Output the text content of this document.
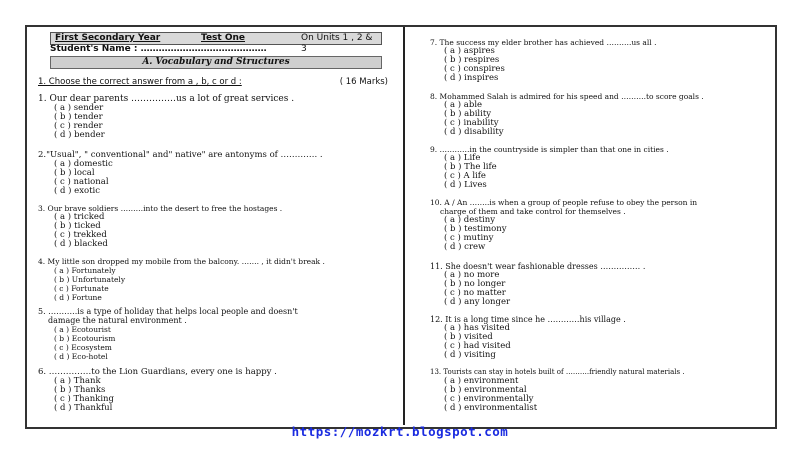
First Secondary Year	Test One	On Units 1 , 2 & 3
Student's Name : ……………………………………
A. Vocabulary and Structures
1. Choose the correct answer from a , b, c or d :	( 16 Marks)
1. Our dear parents ……………us a lot of great services .
( a ) sender
( b ) tender
( c ) render
( d ) bender
2."Usual", " conventional" and" native" are antonyms of …………. .
( a ) domestic
( b ) local
( c ) national
( d ) exotic
3. Our brave soldiers ………into the desert to free the hostages .
( a ) tricked
( b ) ticked
( c ) trekked
( d ) blacked
4. My little son dropped my mobile from the balcony. ……. , it didn't break .
( a ) Fortunately
( b ) Unfortunately
( c ) Fortunate
( d ) Fortune
5. ………..is a type of holiday that helps local people and doesn't
damage the natural environment .
( a ) Ecotourist
( b ) Ecotourism
( c ) Ecosystem
( d ) Eco-hotel
6. ……………to the Lion Guardians, every one is happy .
( a ) Thank
( b ) Thanks
( c ) Thanking
( d ) Thankful
7. The success my elder brother has achieved ……….us all .
( a ) aspires
( b ) respires
( c ) conspires
( d ) inspires
8. Mohammed Salah is admired for his speed and ……….to score goals .
( a ) able
( b ) ability
( c ) inability
( d ) disability
9. …………in the countryside is simpler than that one in cities .
( a ) Life
( b ) The life
( c ) A life
( d ) Lives
10. A / An ……..is when a group of people refuse to obey the person in
charge of them and take control for themselves .
( a ) destiny
( b ) testimony
( c ) mutiny
( d ) crew
11. She doesn't wear fashionable dresses …………… .
( a ) no more
( b ) no longer
( c ) no matter
( d ) any longer
12. It is a long time since he …………his village .
( a ) has visited
( b ) visited
( c ) had visited
( d ) visiting
13. Tourists can stay in hotels built of ……….friendly natural materials .
( a ) environment
( b ) environmental
( c ) environmentally
( d ) environmentalist
https://mozkrt.blogspot.com
